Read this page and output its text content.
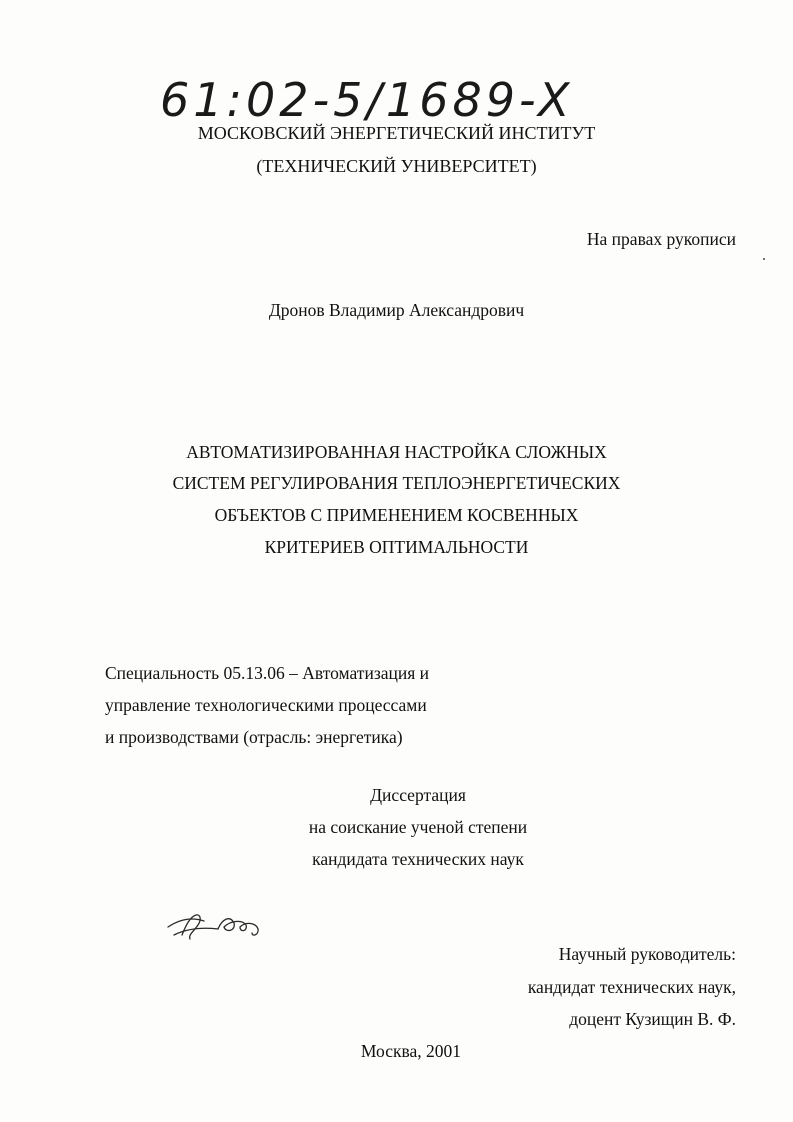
61:02-5/1689-X
МОСКОВСКИЙ ЭНЕРГЕТИЧЕСКИЙ ИНСТИТУТ
(ТЕХНИЧЕСКИЙ УНИВЕРСИТЕТ)
На правах рукописи
Дронов Владимир Александрович
АВТОМАТИЗИРОВАННАЯ НАСТРОЙКА СЛОЖНЫХ
СИСТЕМ РЕГУЛИРОВАНИЯ ТЕПЛОЭНЕРГЕТИЧЕСКИХ
ОБЪЕКТОВ С ПРИМЕНЕНИЕМ КОСВЕННЫХ
КРИТЕРИЕВ ОПТИМАЛЬНОСТИ
Специальность 05.13.06 – Автоматизация и
управление технологическими процессами
и производствами (отрасль: энергетика)
Диссертация
на соискание ученой степени
кандидата технических наук
Научный руководитель:
кандидат технических наук,
доцент Кузищин В. Ф.
Москва, 2001
